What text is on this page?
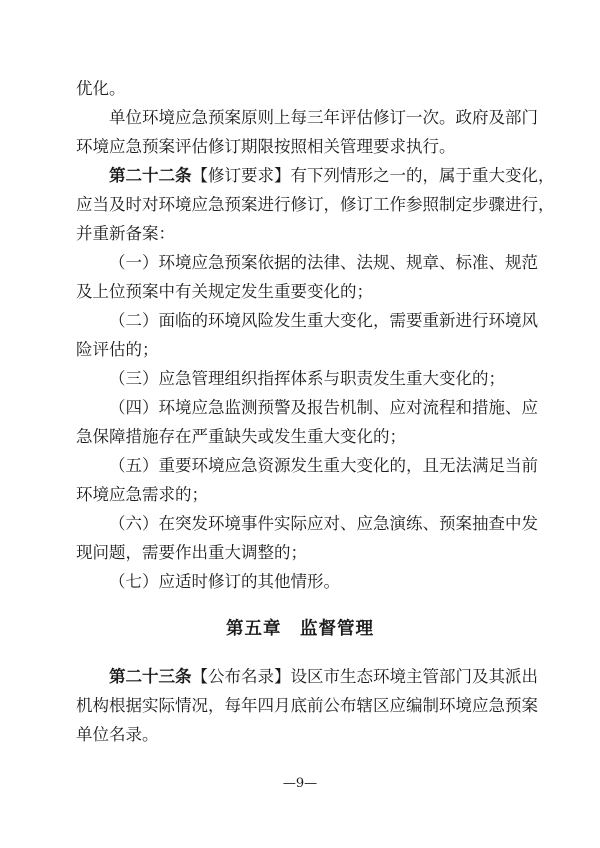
优化。
单位环境应急预案原则上每三年评估修订一次。政府及部门
环境应急预案评估修订期限按照相关管理要求执行。
第二十二条【修订要求】有下列情形之一的，属于重大变化，
应当及时对环境应急预案进行修订，修订工作参照制定步骤进行，
并重新备案：
（一）环境应急预案依据的法律、法规、规章、标准、规范
及上位预案中有关规定发生重要变化的；
（二）面临的环境风险发生重大变化，需要重新进行环境风
险评估的；
（三）应急管理组织指挥体系与职责发生重大变化的；
（四）环境应急监测预警及报告机制、应对流程和措施、应
急保障措施存在严重缺失或发生重大变化的；
（五）重要环境应急资源发生重大变化的，且无法满足当前
环境应急需求的；
（六）在突发环境事件实际应对、应急演练、预案抽查中发
现问题，需要作出重大调整的；
（七）应适时修订的其他情形。
第五章　监督管理
第二十三条【公布名录】设区市生态环境主管部门及其派出
机构根据实际情况，每年四月底前公布辖区应编制环境应急预案
单位名录。
—9—
